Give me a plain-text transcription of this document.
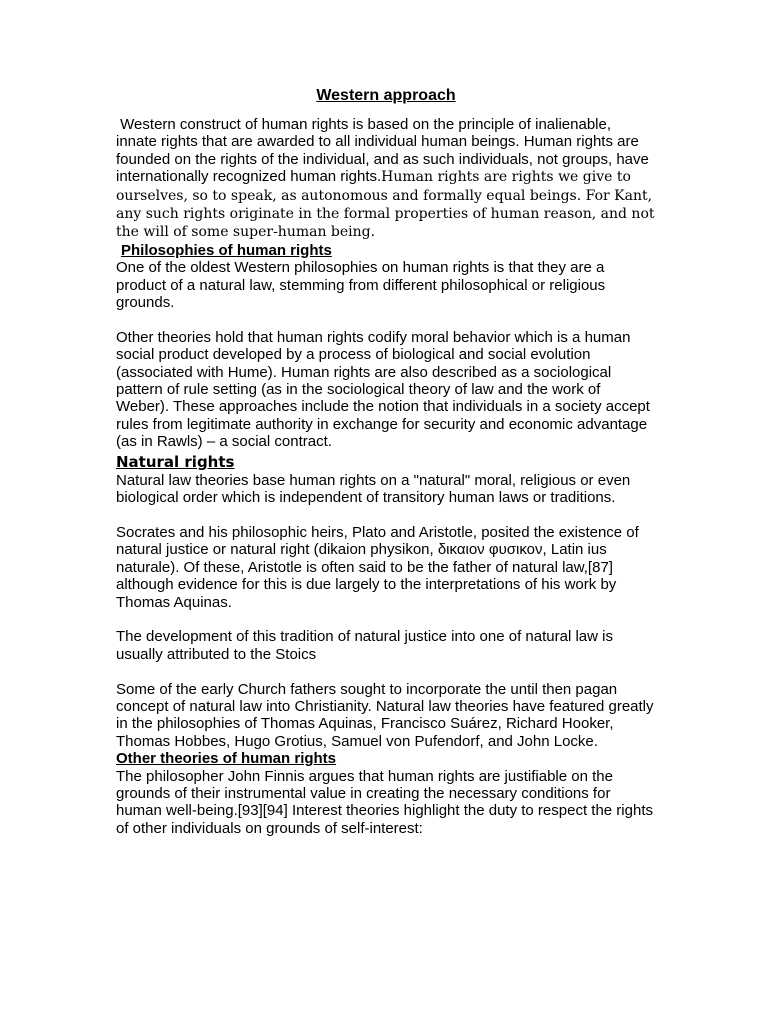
Western approach

Western construct of human rights is based on the principle of inalienable, innate rights that are awarded to all individual human beings. Human rights are founded on the rights of the individual, and as such individuals, not groups, have internationally recognized human rights.Human rights are rights we give to ourselves, so to speak, as autonomous and formally equal beings. For Kant, any such rights originate in the formal properties of human reason, and not the will of some super-human being.

Philosophies of human rights

One of the oldest Western philosophies on human rights is that they are a product of a natural law, stemming from different philosophical or religious grounds.

Other theories hold that human rights codify moral behavior which is a human social product developed by a process of biological and social evolution (associated with Hume). Human rights are also described as a sociological pattern of rule setting (as in the sociological theory of law and the work of Weber). These approaches include the notion that individuals in a society accept rules from legitimate authority in exchange for security and economic advantage (as in Rawls) – a social contract.

Natural rights

Natural law theories base human rights on a "natural" moral, religious or even biological order which is independent of transitory human laws or traditions.

Socrates and his philosophic heirs, Plato and Aristotle, posited the existence of natural justice or natural right (dikaion physikon, δικαιον φυσικον, Latin ius naturale). Of these, Aristotle is often said to be the father of natural law,[87] although evidence for this is due largely to the interpretations of his work by Thomas Aquinas.

The development of this tradition of natural justice into one of natural law is usually attributed to the Stoics

Some of the early Church fathers sought to incorporate the until then pagan concept of natural law into Christianity. Natural law theories have featured greatly in the philosophies of Thomas Aquinas, Francisco Suárez, Richard Hooker, Thomas Hobbes, Hugo Grotius, Samuel von Pufendorf, and John Locke.

Other theories of human rights

The philosopher John Finnis argues that human rights are justifiable on the grounds of their instrumental value in creating the necessary conditions for human well-being.[93][94] Interest theories highlight the duty to respect the rights of other individuals on grounds of self-interest:
